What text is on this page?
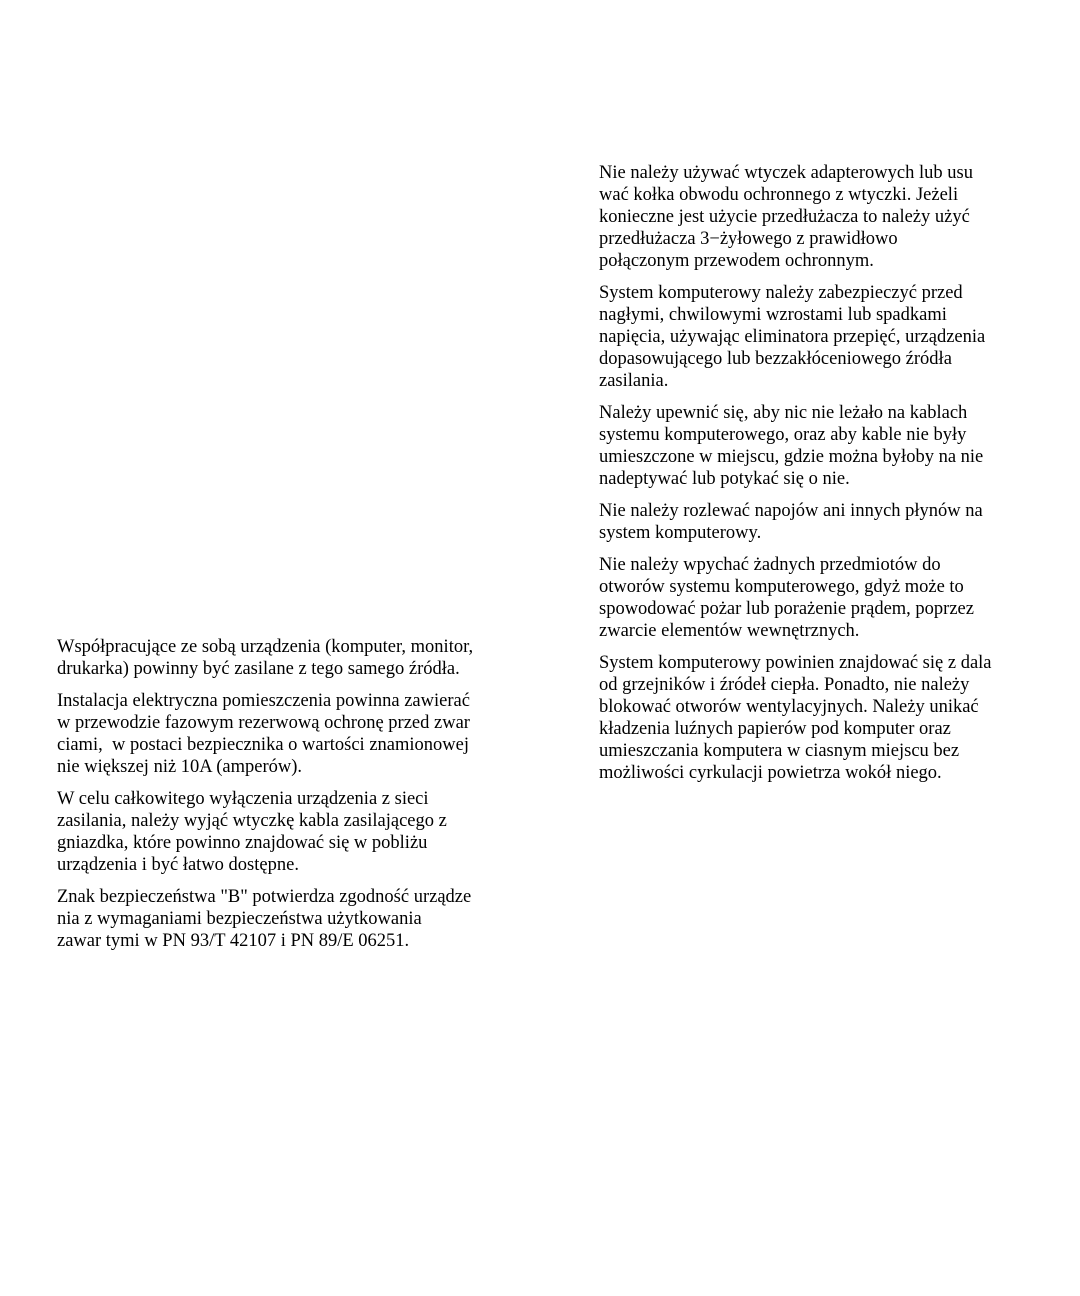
Nie należy używać wtyczek adapterowych lub usu
wać kołka obwodu ochronnego z wtyczki. Jeżeli
konieczne jest użycie przedłużacza to należy użyć
przedłużacza 3−żyłowego z prawidłowo
połączonym przewodem ochronnym.

System komputerowy należy zabezpieczyć przed
nagłymi, chwilowymi wzrostami lub spadkami
napięcia, używając eliminatora przepięć, urządzenia
dopasowującego lub bezzakłóceniowego źródła
zasilania.

Należy upewnić się, aby nic nie leżało na kablach
systemu komputerowego, oraz aby kable nie były
umieszczone w miejscu, gdzie można byłoby na nie
nadeptywać lub potykać się o nie.

Nie należy rozlewać napojów ani innych płynów na
system komputerowy.

Nie należy wpychać żadnych przedmiotów do
otworów systemu komputerowego, gdyż może to
spowodować pożar lub porażenie prądem, poprzez
zwarcie elementów wewnętrznych.

System komputerowy powinien znajdować się z dala
od grzejników i źródeł ciepła. Ponadto, nie należy
blokować otworów wentylacyjnych. Należy unikać
kładzenia luźnych papierów pod komputer oraz
umieszczania komputera w ciasnym miejscu bez
możliwości cyrkulacji powietrza wokół niego.

Współpracujące ze sobą urządzenia (komputer, monitor,
drukarka) powinny być zasilane z tego samego źródła.

Instalacja elektryczna pomieszczenia powinna zawierać
w przewodzie fazowym rezerwową ochronę przed zwar
ciami,  w postaci bezpiecznika o wartości znamionowej
nie większej niż 10A (amperów).

W celu całkowitego wyłączenia urządzenia z sieci
zasilania, należy wyjąć wtyczkę kabla zasilającego z
gniazdka, które powinno znajdować się w pobliżu
urządzenia i być łatwo dostępne.

Znak bezpieczeństwa "B" potwierdza zgodność urządze
nia z wymaganiami bezpieczeństwa użytkowania
zawar tymi w PN 93/T 42107 i PN 89/E 06251.
